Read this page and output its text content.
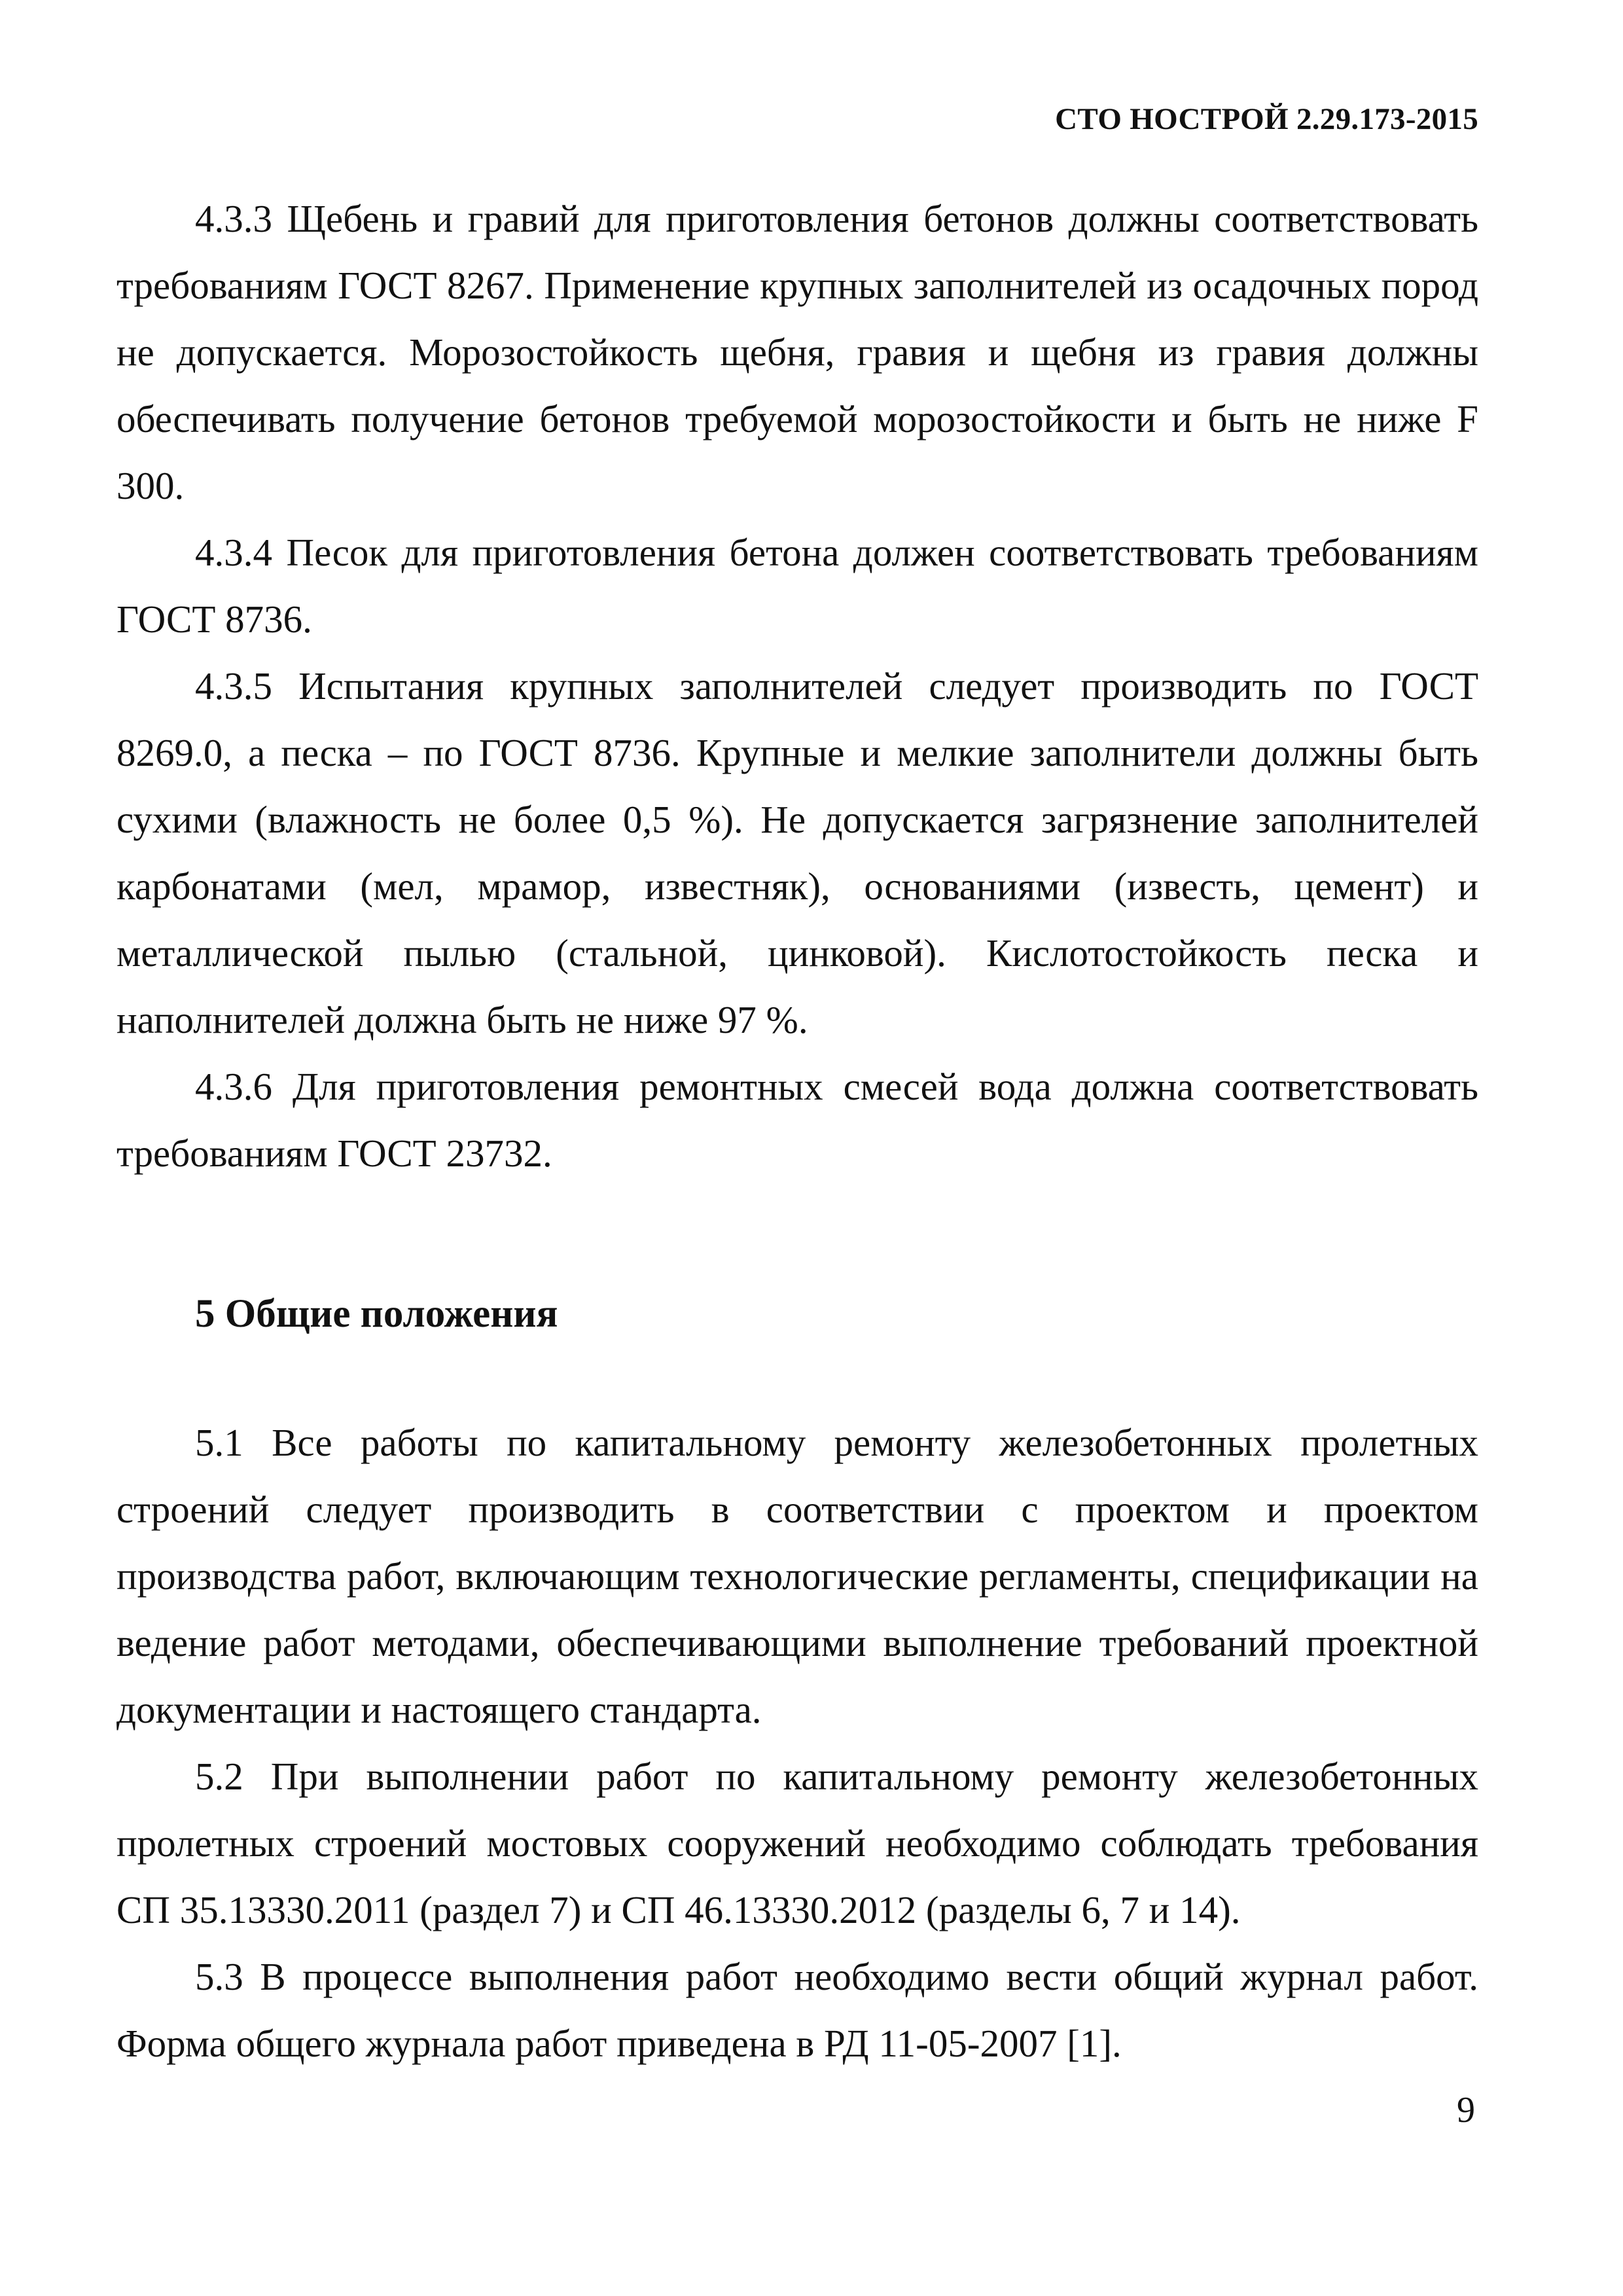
СТО НОСТРОЙ 2.29.173-2015

4.3.3 Щебень и гравий для приготовления бетонов должны соответствовать требованиям ГОСТ 8267. Применение крупных заполнителей из осадочных пород не допускается. Морозостойкость щебня, гравия и щебня из гравия должны обеспечивать получение бетонов требуемой морозостойкости и быть не ниже F 300.

4.3.4 Песок для приготовления бетона должен соответствовать требованиям ГОСТ 8736.

4.3.5 Испытания крупных заполнителей следует производить по ГОСТ 8269.0, а песка – по ГОСТ 8736. Крупные и мелкие заполнители должны быть сухими (влажность не более 0,5 %). Не допускается загрязнение заполнителей карбонатами (мел, мрамор, известняк), основаниями (известь, цемент) и металлической пылью (стальной, цинковой). Кислотостойкость песка и наполнителей должна быть не ниже 97 %.

4.3.6 Для приготовления ремонтных смесей вода должна соответствовать требованиям ГОСТ 23732.

5 Общие положения

5.1 Все работы по капитальному ремонту железобетонных пролетных строений следует производить в соответствии с проектом и проектом производства работ, включающим технологические регламенты, спецификации на ведение работ методами, обеспечивающими выполнение требований проектной документации и настоящего стандарта.

5.2 При выполнении работ по капитальному ремонту железобетонных пролетных строений мостовых сооружений необходимо соблюдать требования СП 35.13330.2011 (раздел 7) и СП 46.13330.2012 (разделы 6, 7 и 14).

5.3 В процессе выполнения работ необходимо вести общий журнал работ. Форма общего журнала работ приведена в РД 11-05-2007 [1].

9
